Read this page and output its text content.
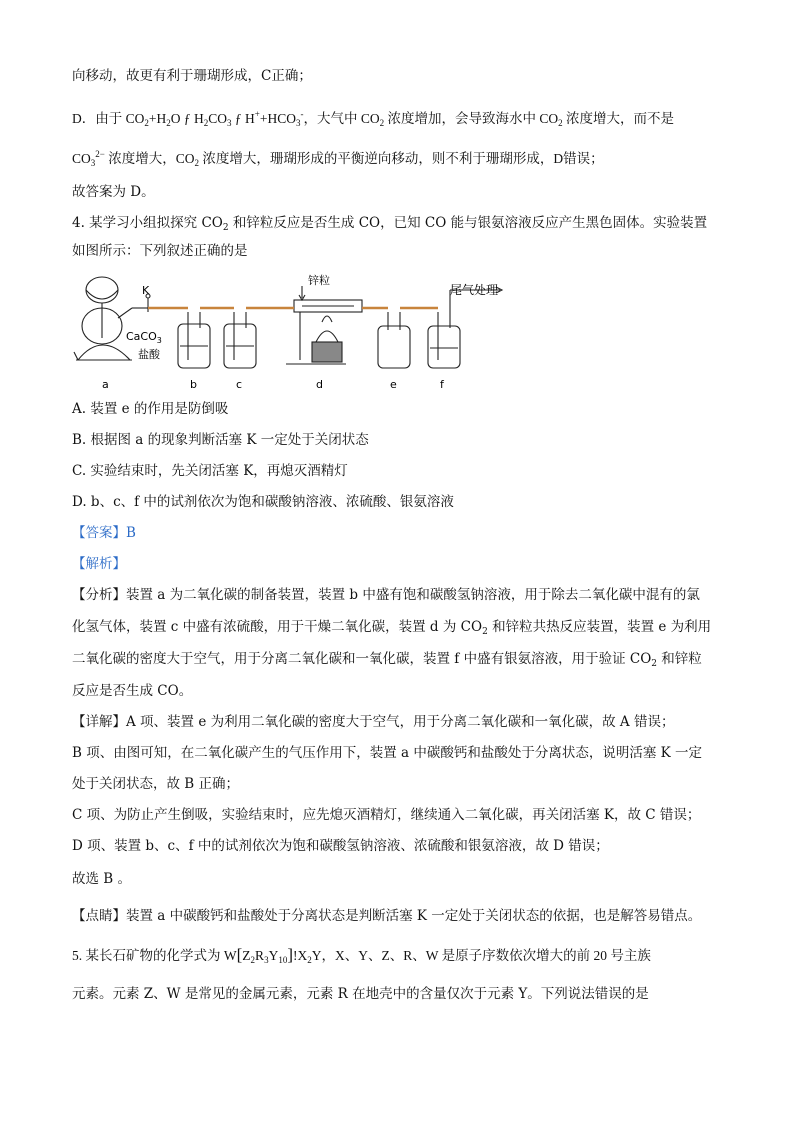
向移动，故更有利于珊瑚形成，C正确；
D．由于 $CO_2+H_2O$ ƒ $H_2CO_3$ ƒ $H^++HCO_3^-$，大气中 $CO_2$ 浓度增加，会导致海水中 $CO_2$ 浓度增大，而不是
$CO_3^{2-}$ 浓度增大，$CO_2$ 浓度增大，珊瑚形成的平衡逆向移动，则不利于珊瑚形成，D错误；
故答案为 D。
4. 某学习小组拟探究 $CO_2$ 和锌粒反应是否生成 CO，已知 CO 能与银氨溶液反应产生黑色固体。实验装置
如图所示：下列叙述正确的是
K
CaCO$_3$
盐酸
锌粒
尾气处理
a	b	c	d	e	f
A. 装置 e 的作用是防倒吸
B. 根据图 a 的现象判断活塞 K 一定处于关闭状态
C. 实验结束时，先关闭活塞 K，再熄灭酒精灯
D. b、c、f 中的试剂依次为饱和碳酸钠溶液、浓硫酸、银氨溶液
【答案】B
【解析】
【分析】装置 a 为二氧化碳的制备装置，装置 b 中盛有饱和碳酸氢钠溶液，用于除去二氧化碳中混有的氯
化氢气体，装置 c 中盛有浓硫酸，用于干燥二氧化碳，装置 d 为 $CO_2$ 和锌粒共热反应装置，装置 e 为利用
二氧化碳的密度大于空气，用于分离二氧化碳和一氧化碳，装置 f 中盛有银氨溶液，用于验证 $CO_2$ 和锌粒
反应是否生成 CO。
【详解】A 项、装置 e 为利用二氧化碳的密度大于空气，用于分离二氧化碳和一氧化碳，故 A 错误；
B 项、由图可知，在二氧化碳产生的气压作用下，装置 a 中碳酸钙和盐酸处于分离状态，说明活塞 K 一定
处于关闭状态，故 B 正确；
C 项、为防止产生倒吸，实验结束时，应先熄灭酒精灯，继续通入二氧化碳，再关闭活塞 K，故 C 错误；
D 项、装置 b、c、f 中的试剂依次为饱和碳酸氢钠溶液、浓硫酸和银氨溶液，故 D 错误；
故选 B 。
【点睛】装置 a 中碳酸钙和盐酸处于分离状态是判断活塞 K 一定处于关闭状态的依据，也是解答易错点。
5. 某长石矿物的化学式为 $W[Z_2R_3Y_{10}]ǃX_2Y$，X、Y、Z、R、W 是原子序数依次增大的前 20 号主族
元素。元素 Z、W 是常见的金属元素，元素 R 在地壳中的含量仅次于元素 Y。下列说法错误的是
